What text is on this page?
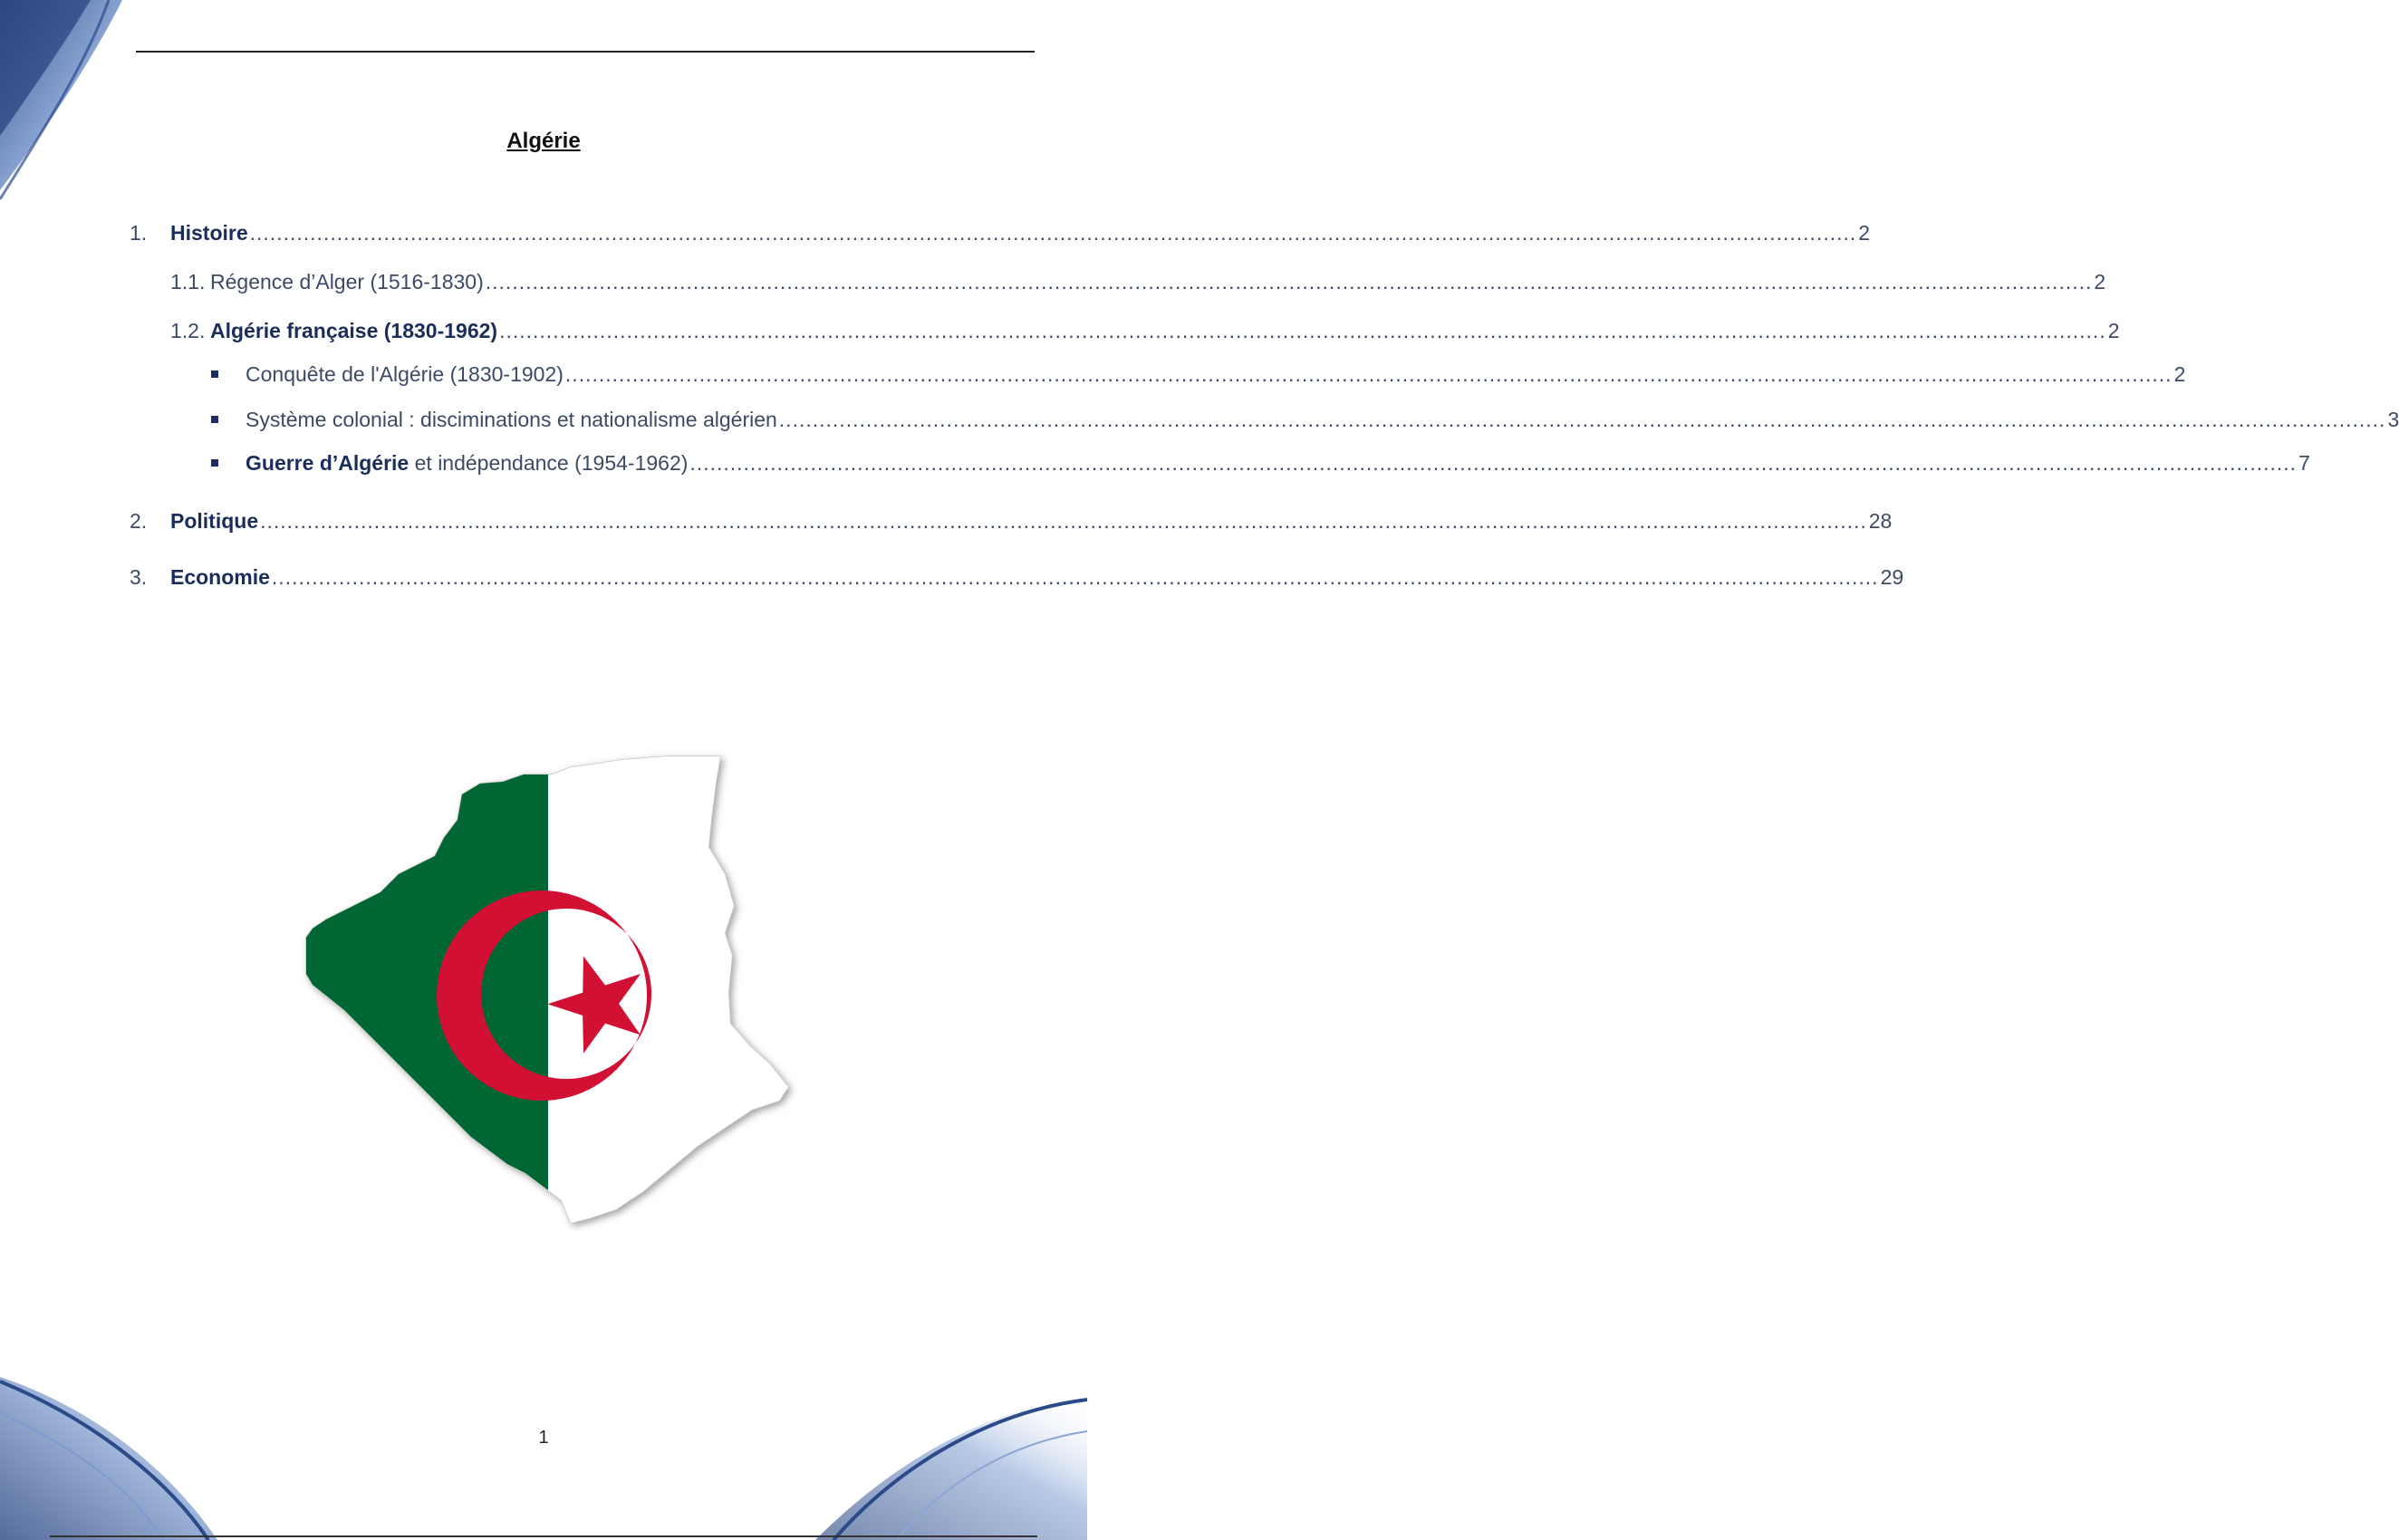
Algérie
1.	Histoire ................................................................................................................................................................................................................................................ 2
1.1. Régence d’Alger (1516-1830) ................................................................................................................................................................................................................................................ 2
1.2. Algérie française (1830-1962) ................................................................................................................................................................................................................................................ 2
Conquête de l'Algérie (1830-1902) ................................................................................................................................................................................................................................................ 2
Système colonial : disciminations et nationalisme algérien ................................................................................................................................................................................................................................................ 3
Guerre d’Algérie et indépendance (1954-1962) ................................................................................................................................................................................................................................................ 7
2.	Politique ................................................................................................................................................................................................................................................ 28
3.	Economie ................................................................................................................................................................................................................................................ 29
1
